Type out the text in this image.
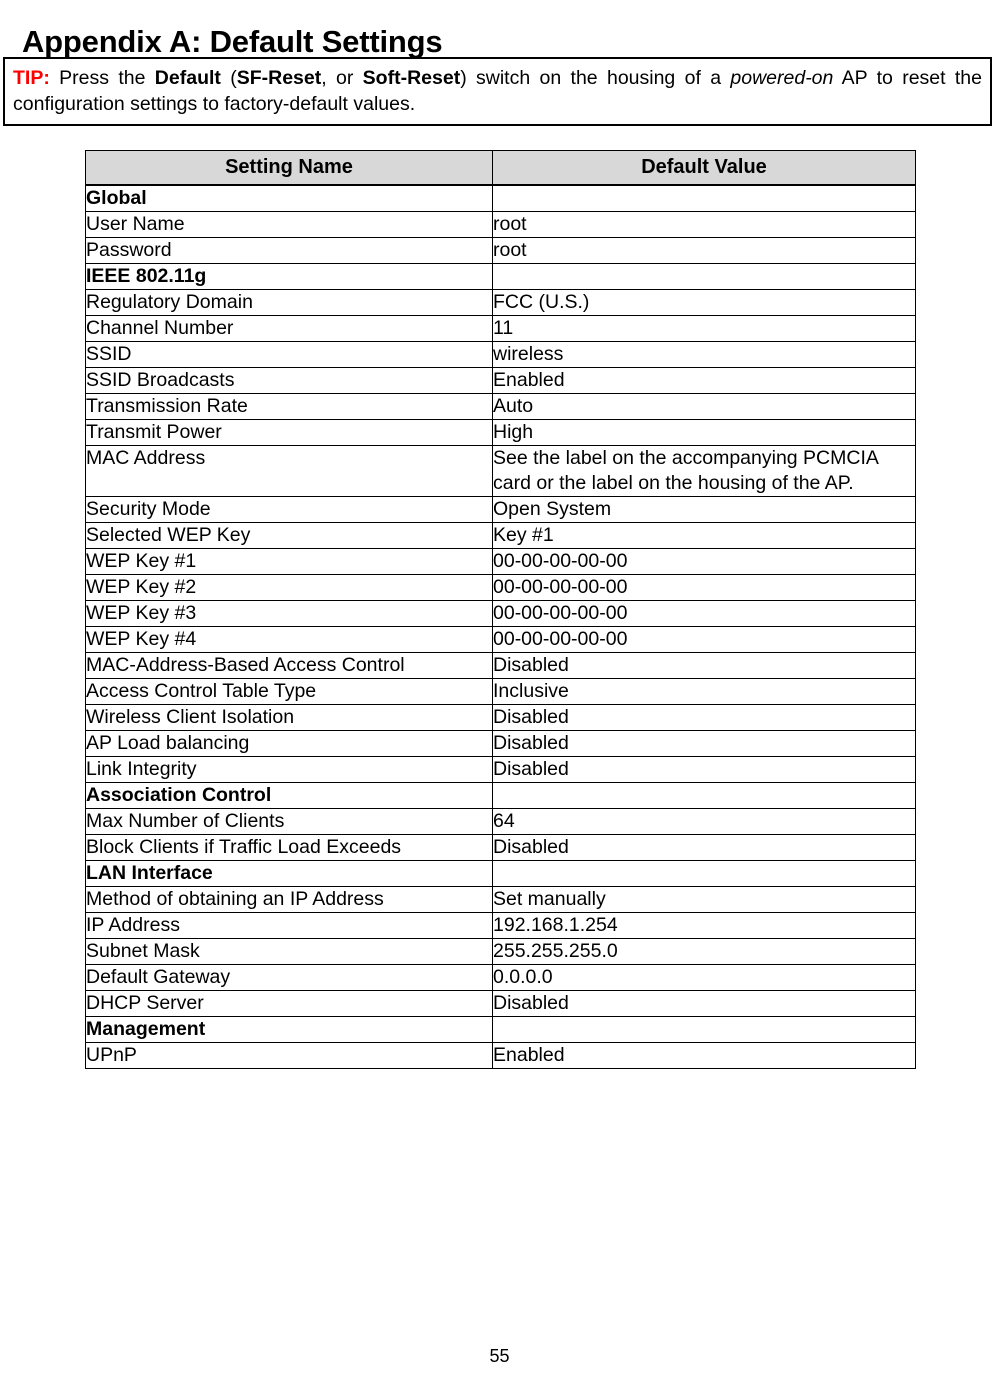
Appendix A: Default Settings

TIP: Press the Default (SF-Reset, or Soft-Reset) switch on the housing of a powered-on AP to reset the configuration settings to factory-default values.

Setting Name	Default Value
Global	
User Name	root
Password	root
IEEE 802.11g	
Regulatory Domain	FCC (U.S.)
Channel Number	11
SSID	wireless
SSID Broadcasts	Enabled
Transmission Rate	Auto
Transmit Power	High
MAC Address	See the label on the accompanying PCMCIA card or the label on the housing of the AP.
Security Mode	Open System
Selected WEP Key	Key #1
WEP Key #1	00-00-00-00-00
WEP Key #2	00-00-00-00-00
WEP Key #3	00-00-00-00-00
WEP Key #4	00-00-00-00-00
MAC-Address-Based Access Control	Disabled
Access Control Table Type	Inclusive
Wireless Client Isolation	Disabled
AP Load balancing	Disabled
Link Integrity	Disabled
Association Control	
Max Number of Clients	64
Block Clients if Traffic Load Exceeds	Disabled
LAN Interface	
Method of obtaining an IP Address	Set manually
IP Address	192.168.1.254
Subnet Mask	255.255.255.0
Default Gateway	0.0.0.0
DHCP Server	Disabled
Management	
UPnP	Enabled
55
